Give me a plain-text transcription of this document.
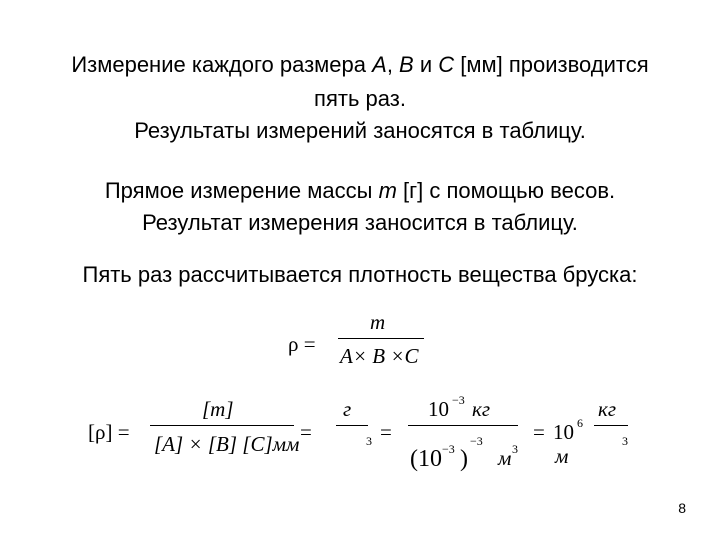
Измерение каждого размера A, B и C [мм] производится
пять раз.
Результаты измерений заносятся в таблицу.
Прямое измерение массы m [г] с помощью весов.
Результат измерения заносится в таблицу.
Пять раз рассчитывается плотность вещества бруска:
ρ =
m
A× B ×C
[ρ] =
[m]
[A] × [B] [C]мм =
г
3 =
10 −3 кг
(10 −3 )
−3
м 3
= 10 6
кг
м
3
8
